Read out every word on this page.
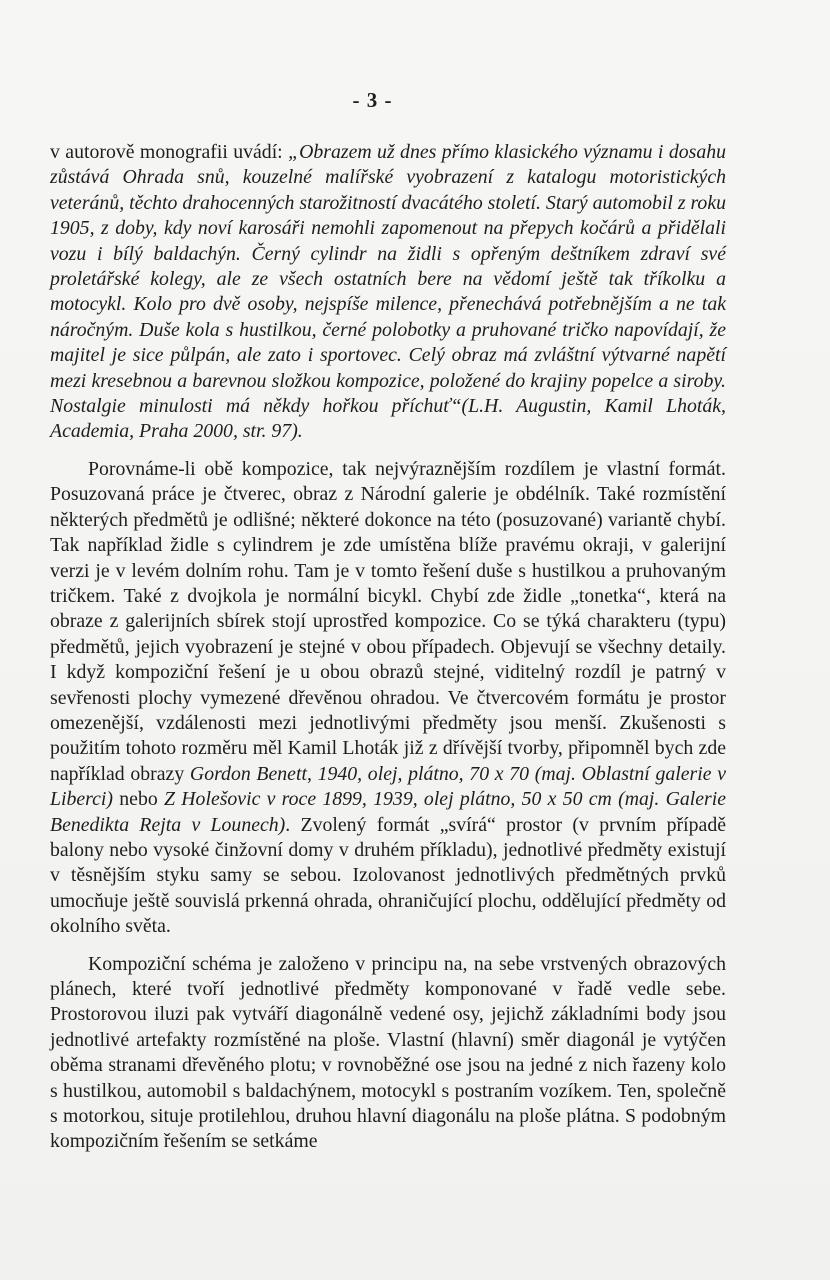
- 3 -

v autorově monografii uvádí: „Obrazem už dnes přímo klasického významu i dosahu zůstává Ohrada snů, kouzelné malířské vyobrazení z katalogu motoristických veteránů, těchto drahocenných starožitností dvacátého století. Starý automobil z roku 1905, z doby, kdy noví karosáři nemohli zapomenout na přepych kočárů a přidělali vozu i bílý baldachýn. Černý cylindr na židli s opřeným deštníkem zdraví své proletářské kolegy, ale ze všech ostatních bere na vědomí ještě tak tříkolku a motocykl. Kolo pro dvě osoby, nejspíše milence, přenechává potřebnějším a ne tak náročným. Duše kola s hustilkou, černé polobotky a pruhované tričko napovídají, že majitel je sice půlpán, ale zato i sportovec. Celý obraz má zvláštní výtvarné napětí mezi kresebnou a barevnou složkou kompozice, položené do krajiny popelce a siroby. Nostalgie minulosti má někdy hořkou příchuť“(L.H. Augustin, Kamil Lhoták, Academia, Praha 2000, str. 97).

Porovnáme-li obě kompozice, tak nejvýraznějším rozdílem je vlastní formát. Posuzovaná práce je čtverec, obraz z Národní galerie je obdélník. Také rozmístění některých předmětů je odlišné; některé dokonce na této (posuzované) variantě chybí. Tak například židle s cylindrem je zde umístěna blíže pravému okraji, v galerijní verzi je v levém dolním rohu. Tam je v tomto řešení duše s hustilkou a pruhovaným tričkem. Také z dvojkola je normální bicykl. Chybí zde židle „tonetka“, která na obraze z galerijních sbírek stojí uprostřed kompozice. Co se týká charakteru (typu) předmětů, jejich vyobrazení je stejné v obou případech. Objevují se všechny detaily. I když kompoziční řešení je u obou obrazů stejné, viditelný rozdíl je patrný v sevřenosti plochy vymezené dřevěnou ohradou. Ve čtvercovém formátu je prostor omezenější, vzdálenosti mezi jednotlivými předměty jsou menší. Zkušenosti s použitím tohoto rozměru měl Kamil Lhoták již z dřívější tvorby, připomněl bych zde například obrazy Gordon Benett, 1940, olej, plátno, 70 x 70 (maj. Oblastní galerie v Liberci) nebo Z Holešovic v roce 1899, 1939, olej plátno, 50 x 50 cm (maj. Galerie Benedikta Rejta v Lounech). Zvolený formát „svírá“ prostor (v prvním případě balony nebo vysoké činžovní domy v druhém příkladu), jednotlivé předměty existují v těsnějším styku samy se sebou. Izolovanost jednotlivých předmětných prvků umocňuje ještě souvislá prkenná ohrada, ohraničující plochu, oddělující předměty od okolního světa.

Kompoziční schéma je založeno v principu na, na sebe vrstvených obrazových plánech, které tvoří jednotlivé předměty komponované v řadě vedle sebe. Prostorovou iluzi pak vytváří diagonálně vedené osy, jejichž základními body jsou jednotlivé artefakty rozmístěné na ploše. Vlastní (hlavní) směr diagonál je vytýčen oběma stranami dřevěného plotu; v rovnoběžné ose jsou na jedné z nich řazeny kolo s hustilkou, automobil s baldachýnem, motocykl s postraním vozíkem. Ten, společně s motorkou, situje protilehlou, druhou hlavní diagonálu na ploše plátna. S podobným kompozičním řešením se setkáme
